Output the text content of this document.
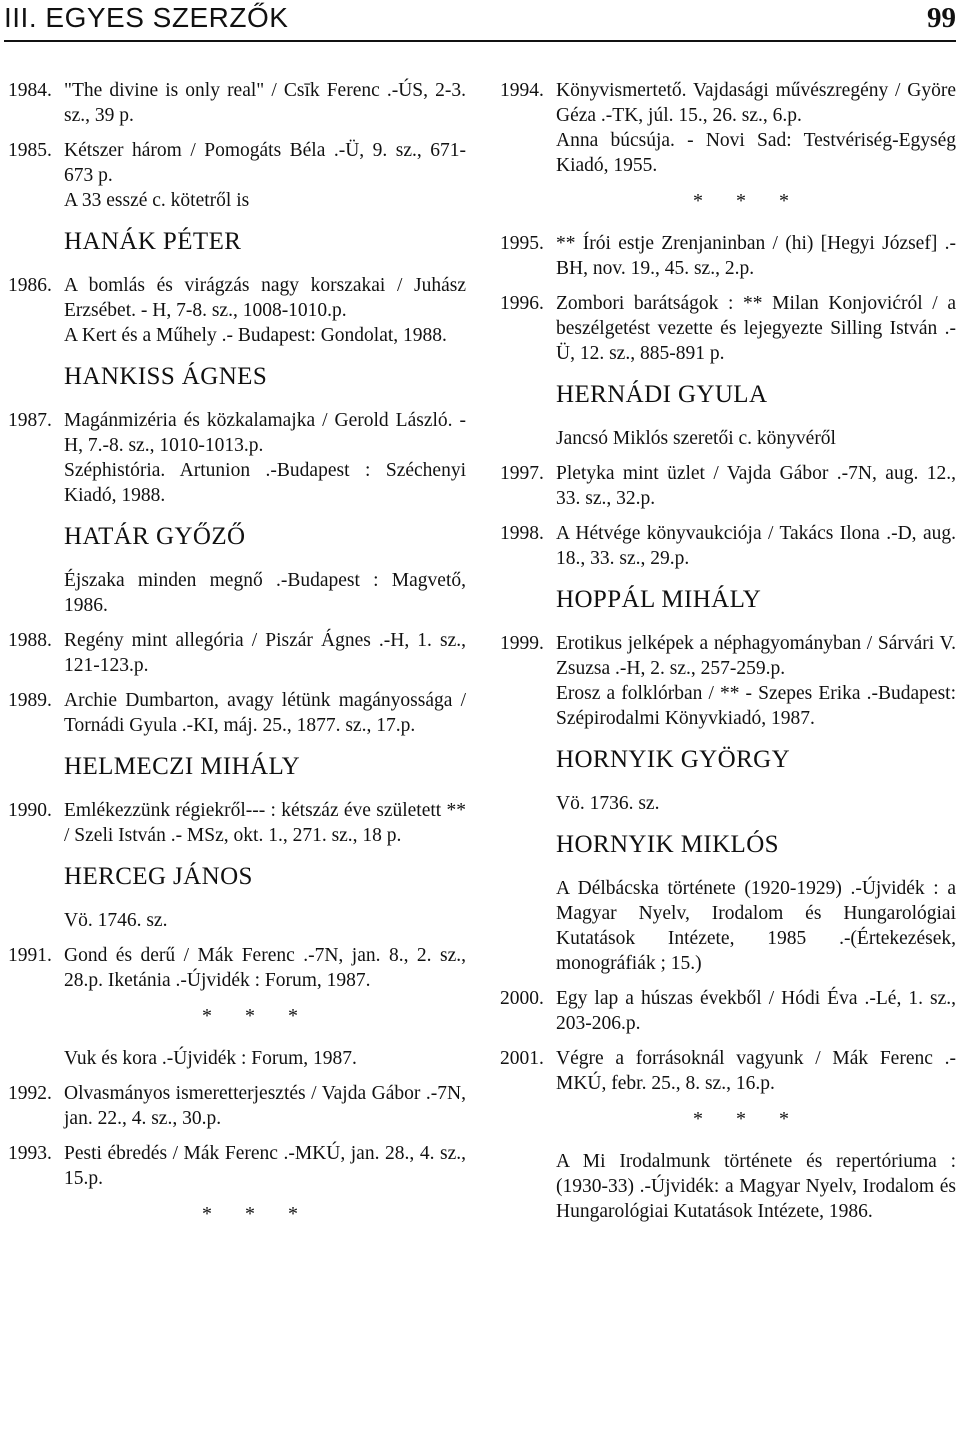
III. EGYES SZERZŐK	99
1984. "The divine is only real" / Csīk Ferenc .-ÚS, 2-3. sz., 39 p.
1985. Kétszer három / Pomogáts Béla .-Ü, 9. sz., 671-673 p.
A 33 esszé c. kötetről is
HANÁK PÉTER
1986. A bomlás és virágzás nagy korszakai / Juhász Erzsébet. - H, 7-8. sz., 1008-1010.p.
A Kert és a Műhely .- Budapest: Gondolat, 1988.
HANKISS ÁGNES
1987. Magánmizéria és közkalamajka / Gerold László. - H, 7.-8. sz., 1010-1013.p.
Széphistória. Artunion .-Budapest : Széchenyi Kiadó, 1988.
HATÁR GYŐZŐ
Éjszaka minden megnő .-Budapest : Magvető, 1986.
1988. Regény mint allegória / Piszár Ágnes .-H, 1. sz., 121-123.p.
1989. Archie Dumbarton, avagy létünk magányossága / Tornádi Gyula .-KI, máj. 25., 1877. sz., 17.p.
HELMECZI MIHÁLY
1990. Emlékezzünk régiekről--- : kétszáz éve született ** / Szeli István .- MSz, okt. 1., 271. sz., 18 p.
HERCEG JÁNOS
Vö. 1746. sz.
1991. Gond és derű / Mák Ferenc .-7N, jan. 8., 2. sz., 28.p. Iketánia .-Újvidék : Forum, 1987.
* * *
Vuk és kora .-Újvidék : Forum, 1987.
1992. Olvasmányos ismeretterjesztés / Vajda Gábor .-7N, jan. 22., 4. sz., 30.p.
1993. Pesti ébredés / Mák Ferenc .-MKÚ, jan. 28., 4. sz., 15.p.
* * *
1994. Könyvismertető. Vajdasági művészregény / Györe Géza .-TK, júl. 15., 26. sz., 6.p.
Anna búcsúja. - Novi Sad: Testvériség-Egység Kiadó, 1955.
* * *
1995. ** Írói estje Zrenjaninban / (hi) [Hegyi József] .-BH, nov. 19., 45. sz., 2.p.
1996. Zombori barátságok : ** Milan Konjovićról / a beszélgetést vezette és lejegyezte Silling István .-Ü, 12. sz., 885-891 p.
HERNÁDI GYULA
Jancsó Miklós szeretői c. könyvéről
1997. Pletyka mint üzlet / Vajda Gábor .-7N, aug. 12., 33. sz., 32.p.
1998. A Hétvége könyvaukciója / Takács Ilona .-D, aug. 18., 33. sz., 29.p.
HOPPÁL MIHÁLY
1999. Erotikus jelképek a néphagyományban / Sárvári V. Zsuzsa .-H, 2. sz., 257-259.p.
Erosz a folklórban / ** - Szepes Erika .-Budapest: Szépirodalmi Könyvkiadó, 1987.
HORNYIK GYÖRGY
Vö. 1736. sz.
HORNYIK MIKLÓS
A Délbácska története (1920-1929) .-Újvidék : a Magyar Nyelv, Irodalom és Hungarológiai Kutatások Intézete, 1985 .-(Értekezések, monográfiák ; 15.)
2000. Egy lap a húszas évekből / Hódi Éva .-Lé, 1. sz., 203-206.p.
2001. Végre a forrásoknál vagyunk / Mák Ferenc .-MKÚ, febr. 25., 8. sz., 16.p.
* * *
A Mi Irodalmunk története és repertóriuma : (1930-33) .-Újvidék: a Magyar Nyelv, Irodalom és Hungarológiai Kutatások Intézete, 1986.
